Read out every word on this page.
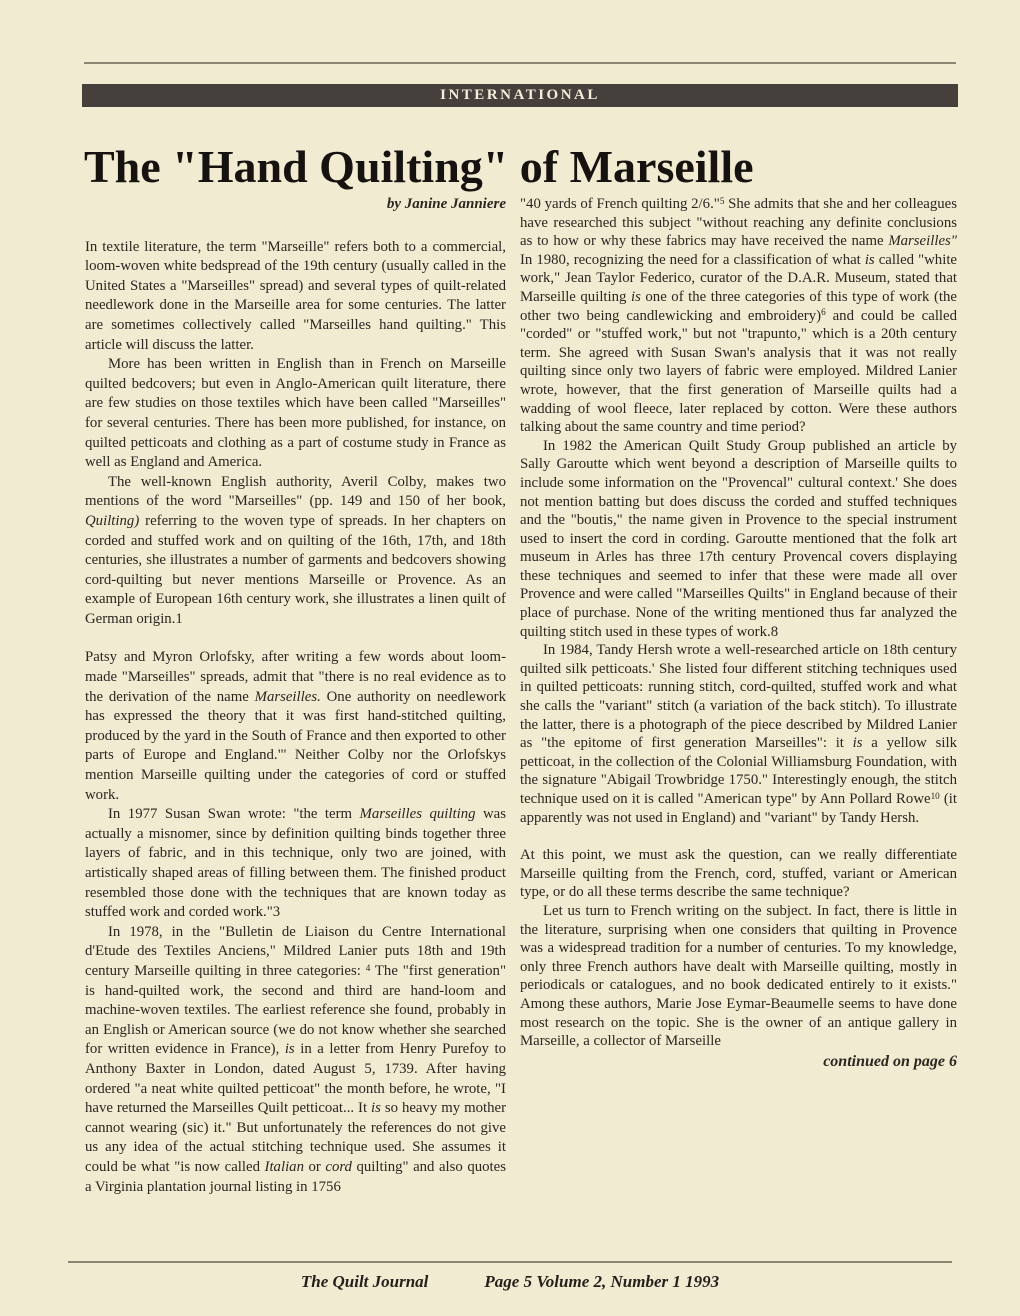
INTERNATIONAL
The "Hand Quilting" of Marseille

by Janine Janniere

In textile literature, the term "Marseille" refers both to a commercial, loom-woven white bedspread of the 19th century (usually called in the United States a "Marseilles" spread) and several types of quilt-related needlework done in the Marseille area for some centuries. The latter are sometimes collectively called "Marseilles hand quilting." This article will discuss the latter.

More has been written in English than in French on Marseille quilted bedcovers; but even in Anglo-American quilt literature, there are few studies on those textiles which have been called "Marseilles" for several centuries. There has been more published, for instance, on quilted petticoats and clothing as a part of costume study in France as well as England and America.

The well-known English authority, Averil Colby, makes two mentions of the word "Marseilles" (pp. 149 and 150 of her book, Quilting) referring to the woven type of spreads. In her chapters on corded and stuffed work and on quilting of the 16th, 17th, and 18th centuries, she illustrates a number of garments and bedcovers showing cord-quilting but never mentions Marseille or Provence. As an example of European 16th century work, she illustrates a linen quilt of German origin.1

Patsy and Myron Orlofsky, after writing a few words about loom-made "Marseilles" spreads, admit that "there is no real evidence as to the derivation of the name Marseilles. One authority on needlework has expressed the theory that it was first hand-stitched quilting, produced by the yard in the South of France and then exported to other parts of Europe and England."' Neither Colby nor the Orlofskys mention Marseille quilting under the categories of cord or stuffed work.

In 1977 Susan Swan wrote: "the term Marseilles quilting was actually a misnomer, since by definition quilting binds together three layers of fabric, and in this technique, only two are joined, with artistically shaped areas of filling between them. The finished product resembled those done with the techniques that are known today as stuffed work and corded work."3

In 1978, in the "Bulletin de Liaison du Centre International d'Etude des Textiles Anciens," Mildred Lanier puts 18th and 19th century Marseille quilting in three categories: $^4$ The "first generation" is hand-quilted work, the second and third are hand-loom and machine-woven textiles. The earliest reference she found, probably in an English or American source (we do not know whether she searched for written evidence in France), is in a letter from Henry Purefoy to Anthony Baxter in London, dated August 5, 1739. After having ordered "a neat white quilted petticoat" the month before, he wrote, "I have returned the Marseilles Quilt petticoat... It is so heavy my mother cannot wearing (sic) it." But unfortunately the references do not give us any idea of the actual stitching technique used. She assumes it could be what "is now called Italian or cord quilting" and also quotes a Virginia plantation journal listing in 1756

"40 yards of French quilting 2/6."$^5$ She admits that she and her colleagues have researched this subject "without reaching any definite conclusions as to how or why these fabrics may have received the name Marseilles" In 1980, recognizing the need for a classification of what is called "white work," Jean Taylor Federico, curator of the D.A.R. Museum, stated that Marseille quilting is one of the three categories of this type of work (the other two being candlewicking and embroidery)$^6$ and could be called "corded" or "stuffed work," but not "trapunto," which is a 20th century term. She agreed with Susan Swan's analysis that it was not really quilting since only two layers of fabric were employed. Mildred Lanier wrote, however, that the first generation of Marseille quilts had a wadding of wool fleece, later replaced by cotton. Were these authors talking about the same country and time period?

In 1982 the American Quilt Study Group published an article by Sally Garoutte which went beyond a description of Marseille quilts to include some information on the "Provencal" cultural context.' She does not mention batting but does discuss the corded and stuffed techniques and the "boutis," the name given in Provence to the special instrument used to insert the cord in cording. Garoutte mentioned that the folk art museum in Arles has three 17th century Provencal covers displaying these techniques and seemed to infer that these were made all over Provence and were called "Marseilles Quilts" in England because of their place of purchase. None of the writing mentioned thus far analyzed the quilting stitch used in these types of work.8

In 1984, Tandy Hersh wrote a well-researched article on 18th century quilted silk petticoats.' She listed four different stitching techniques used in quilted petticoats: running stitch, cord-quilted, stuffed work and what she calls the "variant" stitch (a variation of the back stitch). To illustrate the latter, there is a photograph of the piece described by Mildred Lanier as "the epitome of first generation Marseilles": it is a yellow silk petticoat, in the collection of the Colonial Williamsburg Foundation, with the signature "Abigail Trowbridge 1750." Interestingly enough, the stitch technique used on it is called "American type" by Ann Pollard Rowe$^{10}$ (it apparently was not used in England) and "variant" by Tandy Hersh.

At this point, we must ask the question, can we really differentiate Marseille quilting from the French, cord, stuffed, variant or American type, or do all these terms describe the same technique?

Let us turn to French writing on the subject. In fact, there is little in the literature, surprising when one considers that quilting in Provence was a widespread tradition for a number of centuries. To my knowledge, only three French authors have dealt with Marseille quilting, mostly in periodicals or catalogues, and no book dedicated entirely to it exists." Among these authors, Marie Jose Eymar-Beaumelle seems to have done most research on the topic. She is the owner of an antique gallery in Marseille, a collector of Marseille

continued on page 6

The Quilt Journal	Page 5 Volume 2, Number 1 1993
